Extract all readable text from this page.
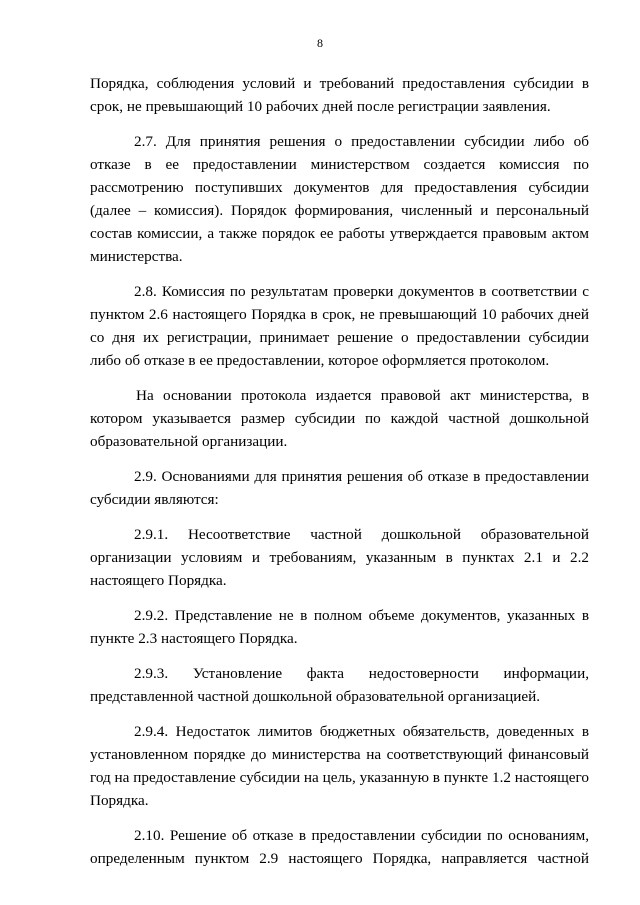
8

Порядка, соблюдения условий и требований предоставления субсидии в срок, не превышающий 10 рабочих дней после регистрации заявления.

2.7. Для принятия решения о предоставлении субсидии либо об отказе в ее предоставлении министерством создается комиссия по рассмотрению поступивших документов для предоставления субсидии (далее – комиссия). Порядок формирования, численный и персональный состав комиссии, а также порядок ее работы утверждается правовым актом министерства.

2.8. Комиссия по результатам проверки документов в соответствии с пунктом 2.6 настоящего Порядка в срок, не превышающий 10 рабочих дней со дня их регистрации, принимает решение о предоставлении субсидии либо об отказе в ее предоставлении, которое оформляется протоколом.

На основании протокола издается правовой акт министерства, в котором указывается размер субсидии по каждой частной дошкольной образовательной организации.

2.9. Основаниями для принятия решения об отказе в предоставлении субсидии являются:

2.9.1. Несоответствие частной дошкольной образовательной организации условиям и требованиям, указанным в пунктах 2.1 и 2.2 настоящего Порядка.

2.9.2. Представление не в полном объеме документов, указанных в пункте 2.3 настоящего Порядка.

2.9.3. Установление факта недостоверности информации, представленной частной дошкольной образовательной организацией.

2.9.4. Недостаток лимитов бюджетных обязательств, доведенных в установленном порядке до министерства на соответствующий финансовый год на предоставление субсидии на цель, указанную в пункте 1.2 настоящего Порядка.

2.10. Решение об отказе в предоставлении субсидии по основаниям, определенным пунктом 2.9 настоящего Порядка, направляется частной
